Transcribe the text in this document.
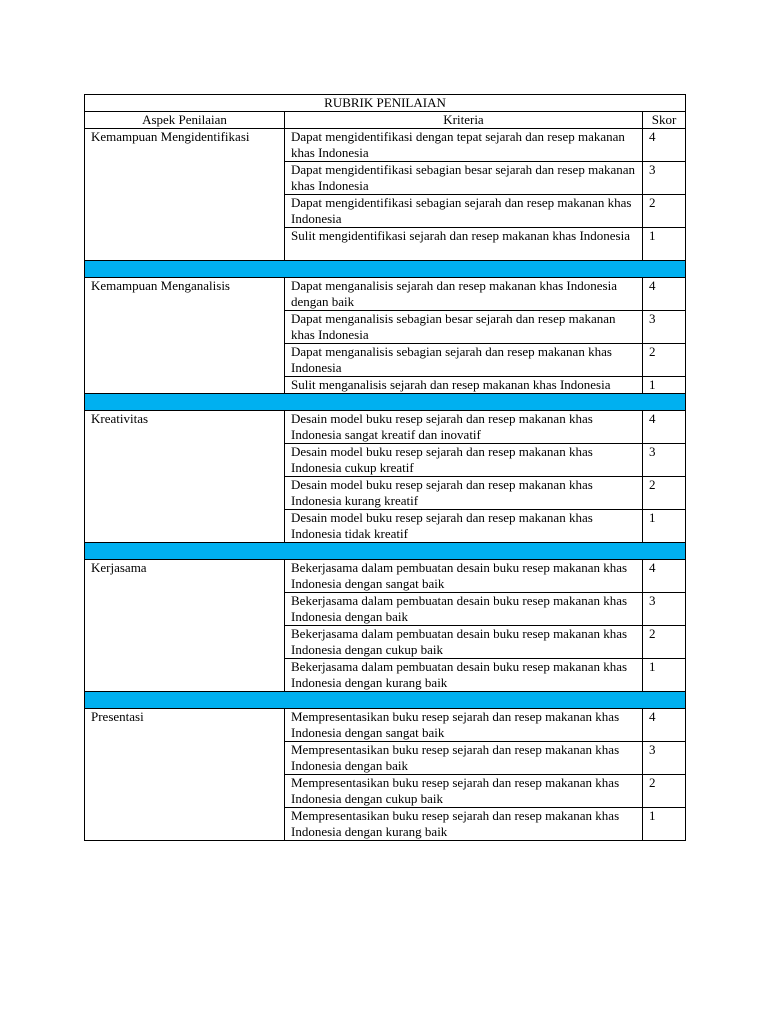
RUBRIK PENILAIAN		
Aspek Penilaian	Kriteria	Skor
Kemampuan Mengidentifikasi	Dapat mengidentifikasi dengan tepat sejarah dan resep makanan khas Indonesia	4
	Dapat mengidentifikasi sebagian besar sejarah dan resep makanan khas Indonesia	3
	Dapat mengidentifikasi sebagian sejarah dan resep makanan khas Indonesia	2
	Sulit mengidentifikasi sejarah dan resep makanan khas Indonesia	1

Kemampuan Menganalisis	Dapat menganalisis sejarah dan resep makanan khas Indonesia dengan baik	4
	Dapat menganalisis sebagian besar sejarah dan resep makanan khas Indonesia	3
	Dapat menganalisis sebagian sejarah dan resep makanan khas Indonesia	2
	Sulit menganalisis sejarah dan resep makanan khas Indonesia	1

Kreativitas	Desain model buku resep sejarah dan resep makanan khas Indonesia sangat kreatif dan inovatif	4
	Desain model buku resep sejarah dan resep makanan khas Indonesia cukup kreatif	3
	Desain model buku resep sejarah dan resep makanan khas Indonesia kurang kreatif	2
	Desain model buku resep sejarah dan resep makanan khas Indonesia tidak kreatif	1

Kerjasama	Bekerjasama dalam pembuatan desain buku resep makanan khas Indonesia dengan sangat baik	4
	Bekerjasama dalam pembuatan desain buku resep makanan khas Indonesia dengan baik	3
	Bekerjasama dalam pembuatan desain buku resep makanan khas Indonesia dengan cukup baik	2
	Bekerjasama dalam pembuatan desain buku resep makanan khas Indonesia dengan kurang baik	1

Presentasi	Mempresentasikan buku resep sejarah dan resep makanan khas Indonesia dengan sangat baik	4
	Mempresentasikan buku resep sejarah dan resep makanan khas Indonesia dengan baik	3
	Mempresentasikan buku resep sejarah dan resep makanan khas Indonesia dengan cukup baik	2
	Mempresentasikan buku resep sejarah dan resep makanan khas Indonesia dengan kurang baik	1
